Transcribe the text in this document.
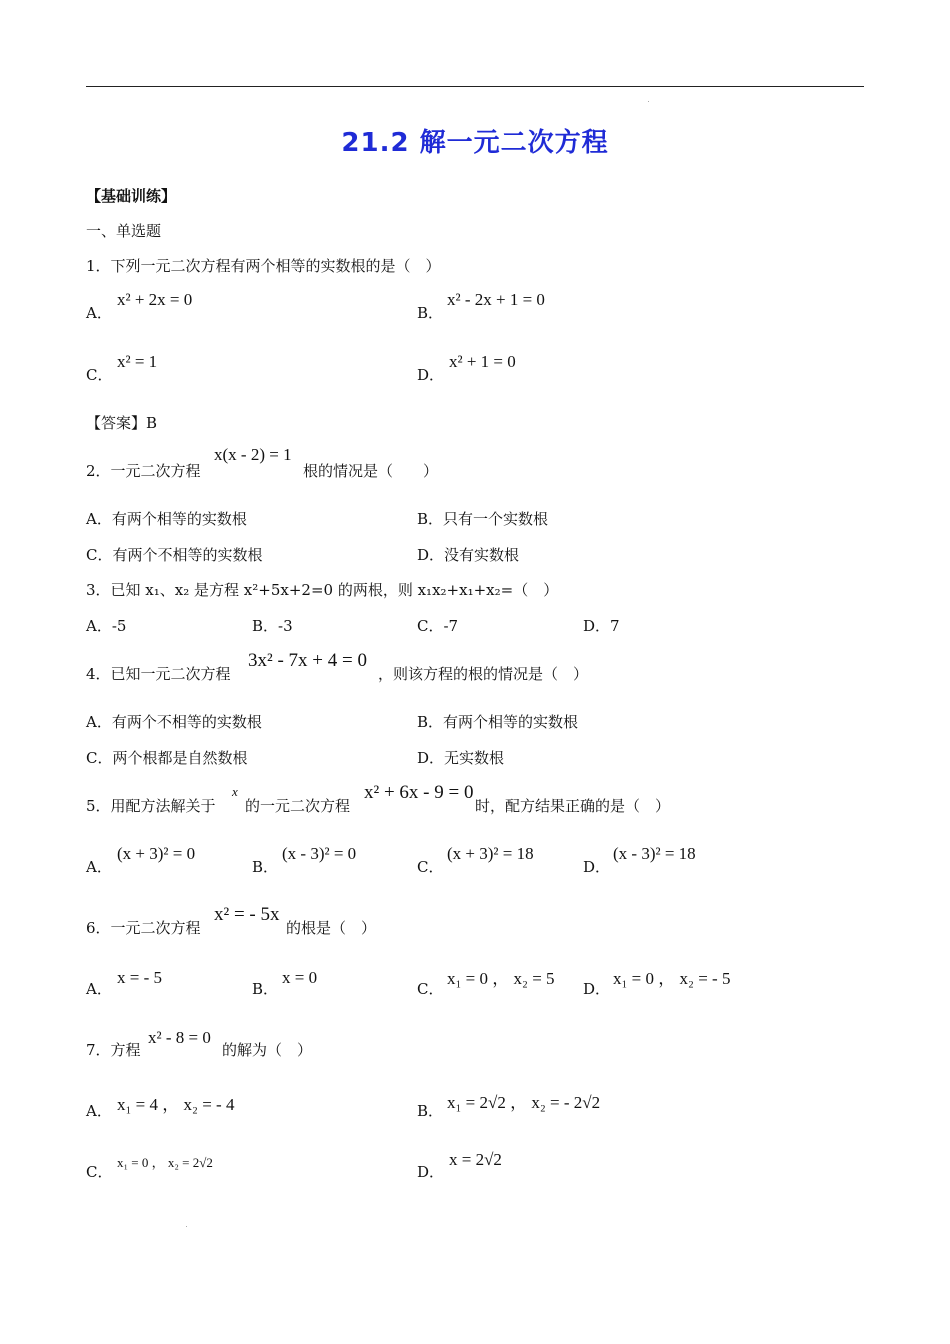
21.2 解一元二次方程
【基础训练】
一、单选题
1．下列一元二次方程有两个相等的实数根的是（　）
A．
x² + 2x = 0
B．
x² - 2x + 1 = 0
C．
x² = 1
D．
x² + 1 = 0
【答案】B
2．一元二次方程
x(x - 2) = 1
根的情况是（　　）
A．有两个相等的实数根	B．只有一个实数根
C．有两个不相等的实数根	D．没有实数根
3．已知 x₁、x₂ 是方程 x²+5x+2=0 的两根，则 x₁x₂+x₁+x₂=（　）
A．-5	B．-3	C．-7	D．7
4．已知一元二次方程
3x² - 7x + 4 = 0
，则该方程的根的情况是（　）
A．有两个不相等的实数根	B．有两个相等的实数根
C．两个根都是自然数根	D．无实数根
5．用配方法解关于
x
的一元二次方程
x² + 6x - 9 = 0
时，配方结果正确的是（　）
A．
(x + 3)² = 0
B．
(x - 3)² = 0
C．
(x + 3)² = 18
D．
(x - 3)² = 18
6．一元二次方程
x² = - 5x
的根是（　）
A．
x = - 5
B．
x = 0
C．
x₁ = 0 ， x₂ = 5
D．
x₁ = 0 ， x₂ = - 5
7．方程
x² - 8 = 0
的解为（　）
A． x₁ = 4 ， x₂ = - 4	B． x₁ = 2√2 ， x₂ = - 2√2
C．
x₁ = 0 ， x₂ = 2√2
D．
x = 2√2
